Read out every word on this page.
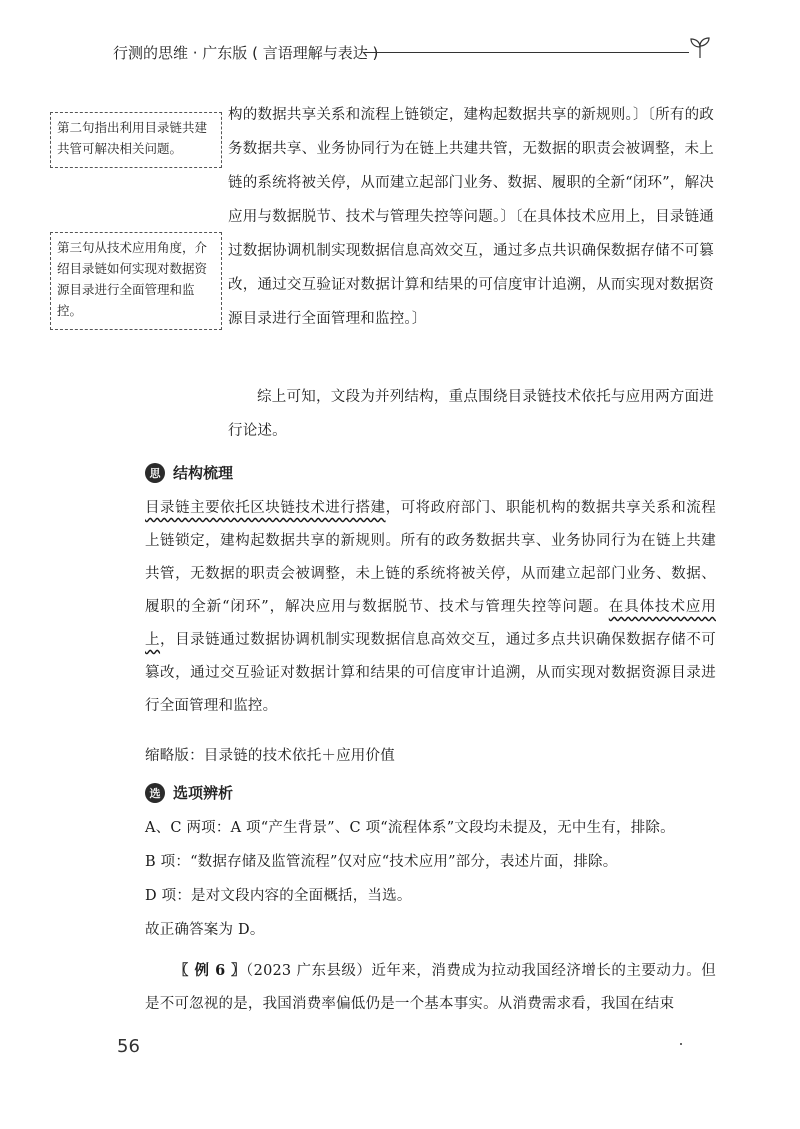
行测的思维 · 广东版 ( 言语理解与表达 )
第二句指出利用目录链共建共管可解决相关问题。
第三句从技术应用角度，介绍目录链如何实现对数据资源目录进行全面管理和监控。

构的数据共享关系和流程上链锁定，建构起数据共享的新规则。〕〔所有的政务数据共享、业务协同行为在链上共建共管，无数据的职责会被调整，未上链的系统将被关停，从而建立起部门业务、数据、履职的全新“闭环”，解决应用与数据脱节、技术与管理失控等问题。〕〔在具体技术应用上，目录链通过数据协调机制实现数据信息高效交互，通过多点共识确保数据存储不可篡改，通过交互验证对数据计算和结果的可信度审计追溯，从而实现对数据资源目录进行全面管理和监控。〕

综上可知，文段为并列结构，重点围绕目录链技术依托与应用两方面进行论述。

思 结构梳理

目录链主要依托区块链技术进行搭建，可将政府部门、职能机构的数据共享关系和流程上链锁定，建构起数据共享的新规则。所有的政务数据共享、业务协同行为在链上共建共管，无数据的职责会被调整，未上链的系统将被关停，从而建立起部门业务、数据、履职的全新“闭环”，解决应用与数据脱节、技术与管理失控等问题。在具体技术应用上，目录链通过数据协调机制实现数据信息高效交互，通过多点共识确保数据存储不可篡改，通过交互验证对数据计算和结果的可信度审计追溯，从而实现对数据资源目录进行全面管理和监控。

缩略版：目录链的技术依托＋应用价值

选 选项辨析

A、C 两项：A 项“产生背景”、C 项“流程体系”文段均未提及，无中生有，排除。

B 项：“数据存储及监管流程”仅对应“技术应用”部分，表述片面，排除。

D 项：是对文段内容的全面概括，当选。

故正确答案为 D。

〖 例 6 〗（2023 广东县级）近年来，消费成为拉动我国经济增长的主要动力。但是不可忽视的是，我国消费率偏低仍是一个基本事实。从消费需求看，我国在结束

56
